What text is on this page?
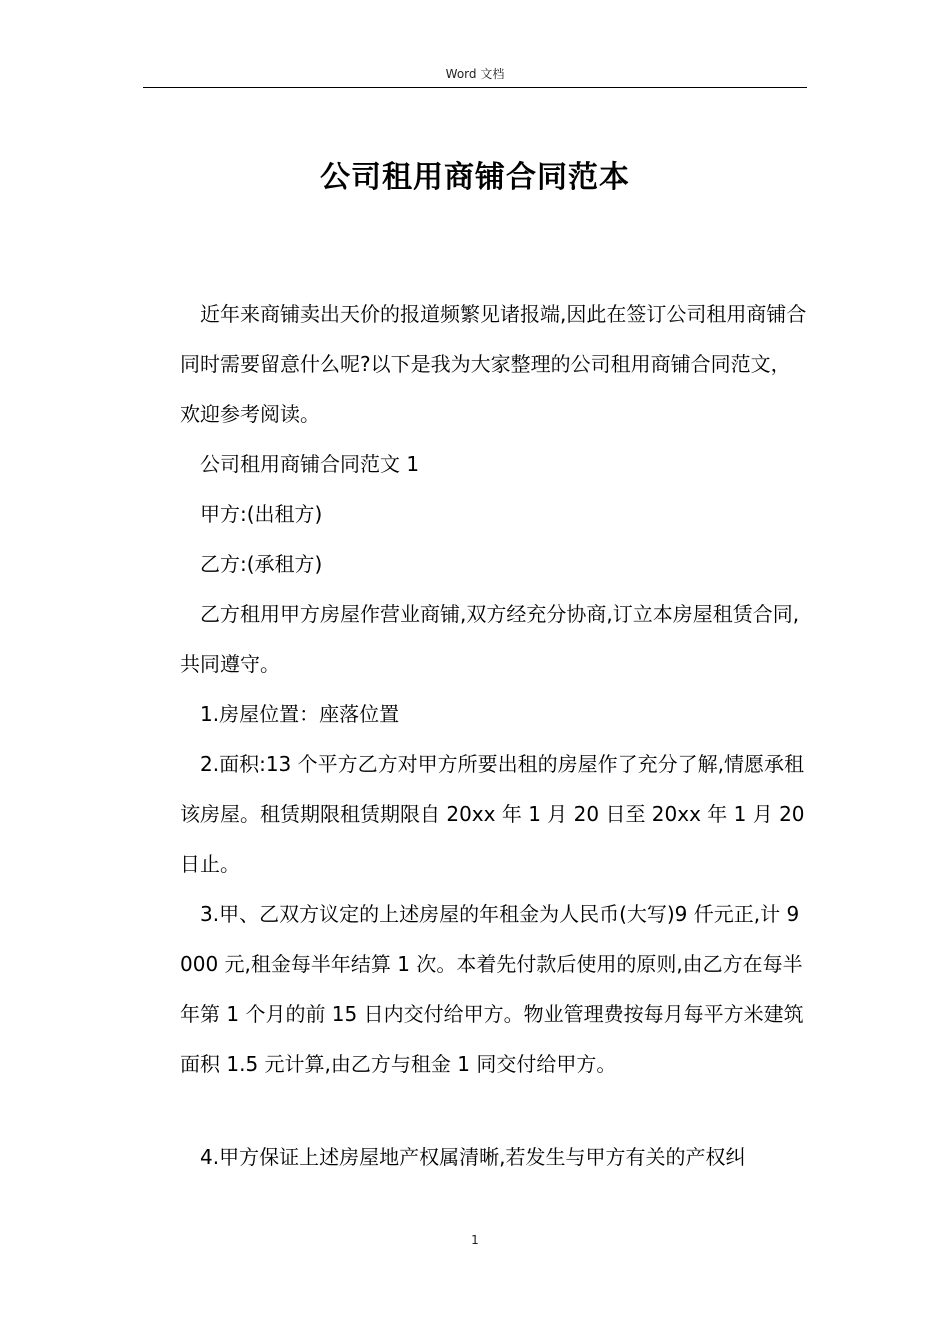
Word 文档
公司租用商铺合同范本

近年来商铺卖出天价的报道频繁见诸报端,因此在签订公司租用商铺合同时需要留意什么呢?以下是我为大家整理的公司租用商铺合同范文，欢迎参考阅读。

公司租用商铺合同范文 1

甲方:(出租方)

乙方:(承租方)

乙方租用甲方房屋作营业商铺,双方经充分协商,订立本房屋租赁合同,共同遵守。

1.房屋位置：座落位置

2.面积:13 个平方乙方对甲方所要出租的房屋作了充分了解,情愿承租该房屋。租赁期限租赁期限自 20xx 年 1 月 20 日至 20xx 年 1 月 20 日止。

3.甲、乙双方议定的上述房屋的年租金为人民币(大写)9 仟元正,计 9000 元,租金每半年结算 1 次。本着先付款后使用的原则,由乙方在每半年第 1 个月的前 15 日内交付给甲方。物业管理费按每月每平方米建筑面积 1.5 元计算,由乙方与租金 1 同交付给甲方。

4.甲方保证上述房屋地产权属清晰,若发生与甲方有关的产权纠

1
